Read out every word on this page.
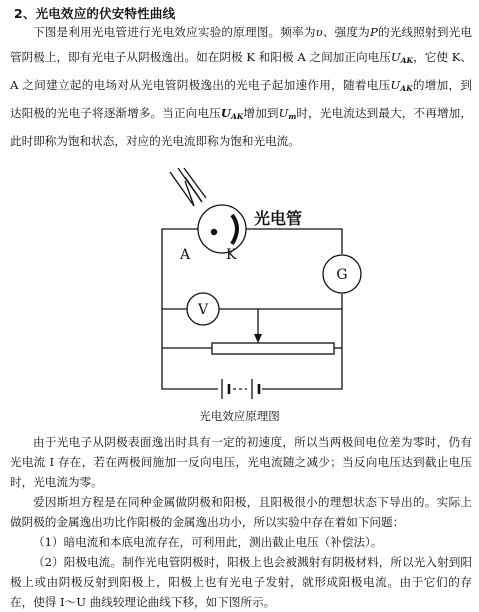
2、光电效应的伏安特性曲线
下图是利用光电管进行光电效应实验的原理图。频率为υ、强度为P的光线照射到光电管阴极上，即有光电子从阴极逸出。如在阴极 K 和阳极 A 之间加正向电压$U_{AK}$，它使 K、A 之间建立起的电场对从光电管阴极逸出的光电子起加速作用，随着电压$U_{AK}$的增加，到达阳极的光电子将逐渐增多。当正向电压$U_{AK}$增加到$U_m$时，光电流达到最大，不再增加，此时即称为饱和状态，对应的光电流即称为饱和光电流。
光电管
A	K
G
V
光电效应原理图
由于光电子从阴极表面逸出时具有一定的初速度，所以当两极间电位差为零时，仍有光电流 I 存在，若在两极间施加一反向电压，光电流随之减少；当反向电压达到截止电压时，光电流为零。
爱因斯坦方程是在同种金属做阴极和阳极，且阳极很小的理想状态下导出的。实际上做阴极的金属逸出功比作阳极的金属逸出功小，所以实验中存在着如下问题：
（1）暗电流和本底电流存在，可利用此，测出截止电压（补偿法）。
（2）阳极电流。制作光电管阴极时，阳极上也会被溅射有阴极材料，所以光入射到阳极上或由阴极反射到阳极上，阳极上也有光电子发射，就形成阳极电流。由于它们的存在，使得 I～U 曲线较理论曲线下移，如下图所示。
